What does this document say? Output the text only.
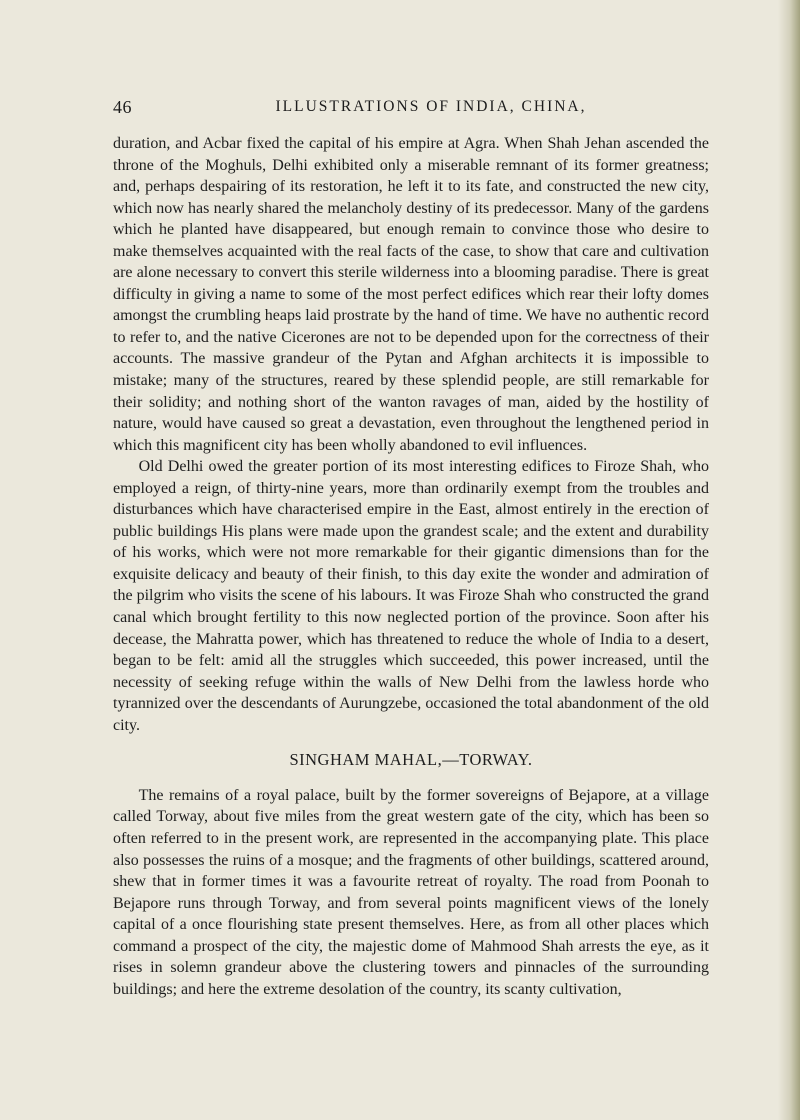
46	ILLUSTRATIONS OF INDIA, CHINA,

duration, and Acbar fixed the capital of his empire at Agra. When Shah Jehan ascended the throne of the Moghuls, Delhi exhibited only a miserable remnant of its former greatness; and, perhaps despairing of its restoration, he left it to its fate, and constructed the new city, which now has nearly shared the melancholy destiny of its predecessor. Many of the gardens which he planted have disappeared, but enough remain to convince those who desire to make themselves acquainted with the real facts of the case, to show that care and cultivation are alone necessary to convert this sterile wilderness into a blooming paradise. There is great difficulty in giving a name to some of the most perfect edifices which rear their lofty domes amongst the crumbling heaps laid prostrate by the hand of time. We have no authentic record to refer to, and the native Cicerones are not to be depended upon for the correctness of their accounts. The massive grandeur of the Pytan and Afghan architects it is impossible to mistake; many of the structures, reared by these splendid people, are still remarkable for their solidity; and nothing short of the wanton ravages of man, aided by the hostility of nature, would have caused so great a devastation, even throughout the lengthened period in which this magnificent city has been wholly abandoned to evil influences.

Old Delhi owed the greater portion of its most interesting edifices to Firoze Shah, who employed a reign, of thirty-nine years, more than ordinarily exempt from the troubles and disturbances which have characterised empire in the East, almost entirely in the erection of public buildings His plans were made upon the grandest scale; and the extent and durability of his works, which were not more remarkable for their gigantic dimensions than for the exquisite delicacy and beauty of their finish, to this day exite the wonder and admiration of the pilgrim who visits the scene of his labours. It was Firoze Shah who constructed the grand canal which brought fertility to this now neglected portion of the province. Soon after his decease, the Mahratta power, which has threatened to reduce the whole of India to a desert, began to be felt: amid all the struggles which succeeded, this power increased, until the necessity of seeking refuge within the walls of New Delhi from the lawless horde who tyrannized over the descendants of Aurungzebe, occasioned the total abandonment of the old city.

SINGHAM MAHAL,—TORWAY.

The remains of a royal palace, built by the former sovereigns of Bejapore, at a village called Torway, about five miles from the great western gate of the city, which has been so often referred to in the present work, are represented in the accompanying plate. This place also possesses the ruins of a mosque; and the fragments of other buildings, scattered around, shew that in former times it was a favourite retreat of royalty. The road from Poonah to Bejapore runs through Torway, and from several points magnificent views of the lonely capital of a once flourishing state present themselves. Here, as from all other places which command a prospect of the city, the majestic dome of Mahmood Shah arrests the eye, as it rises in solemn grandeur above the clustering towers and pinnacles of the surrounding buildings; and here the extreme desolation of the country, its scanty cultivation,
